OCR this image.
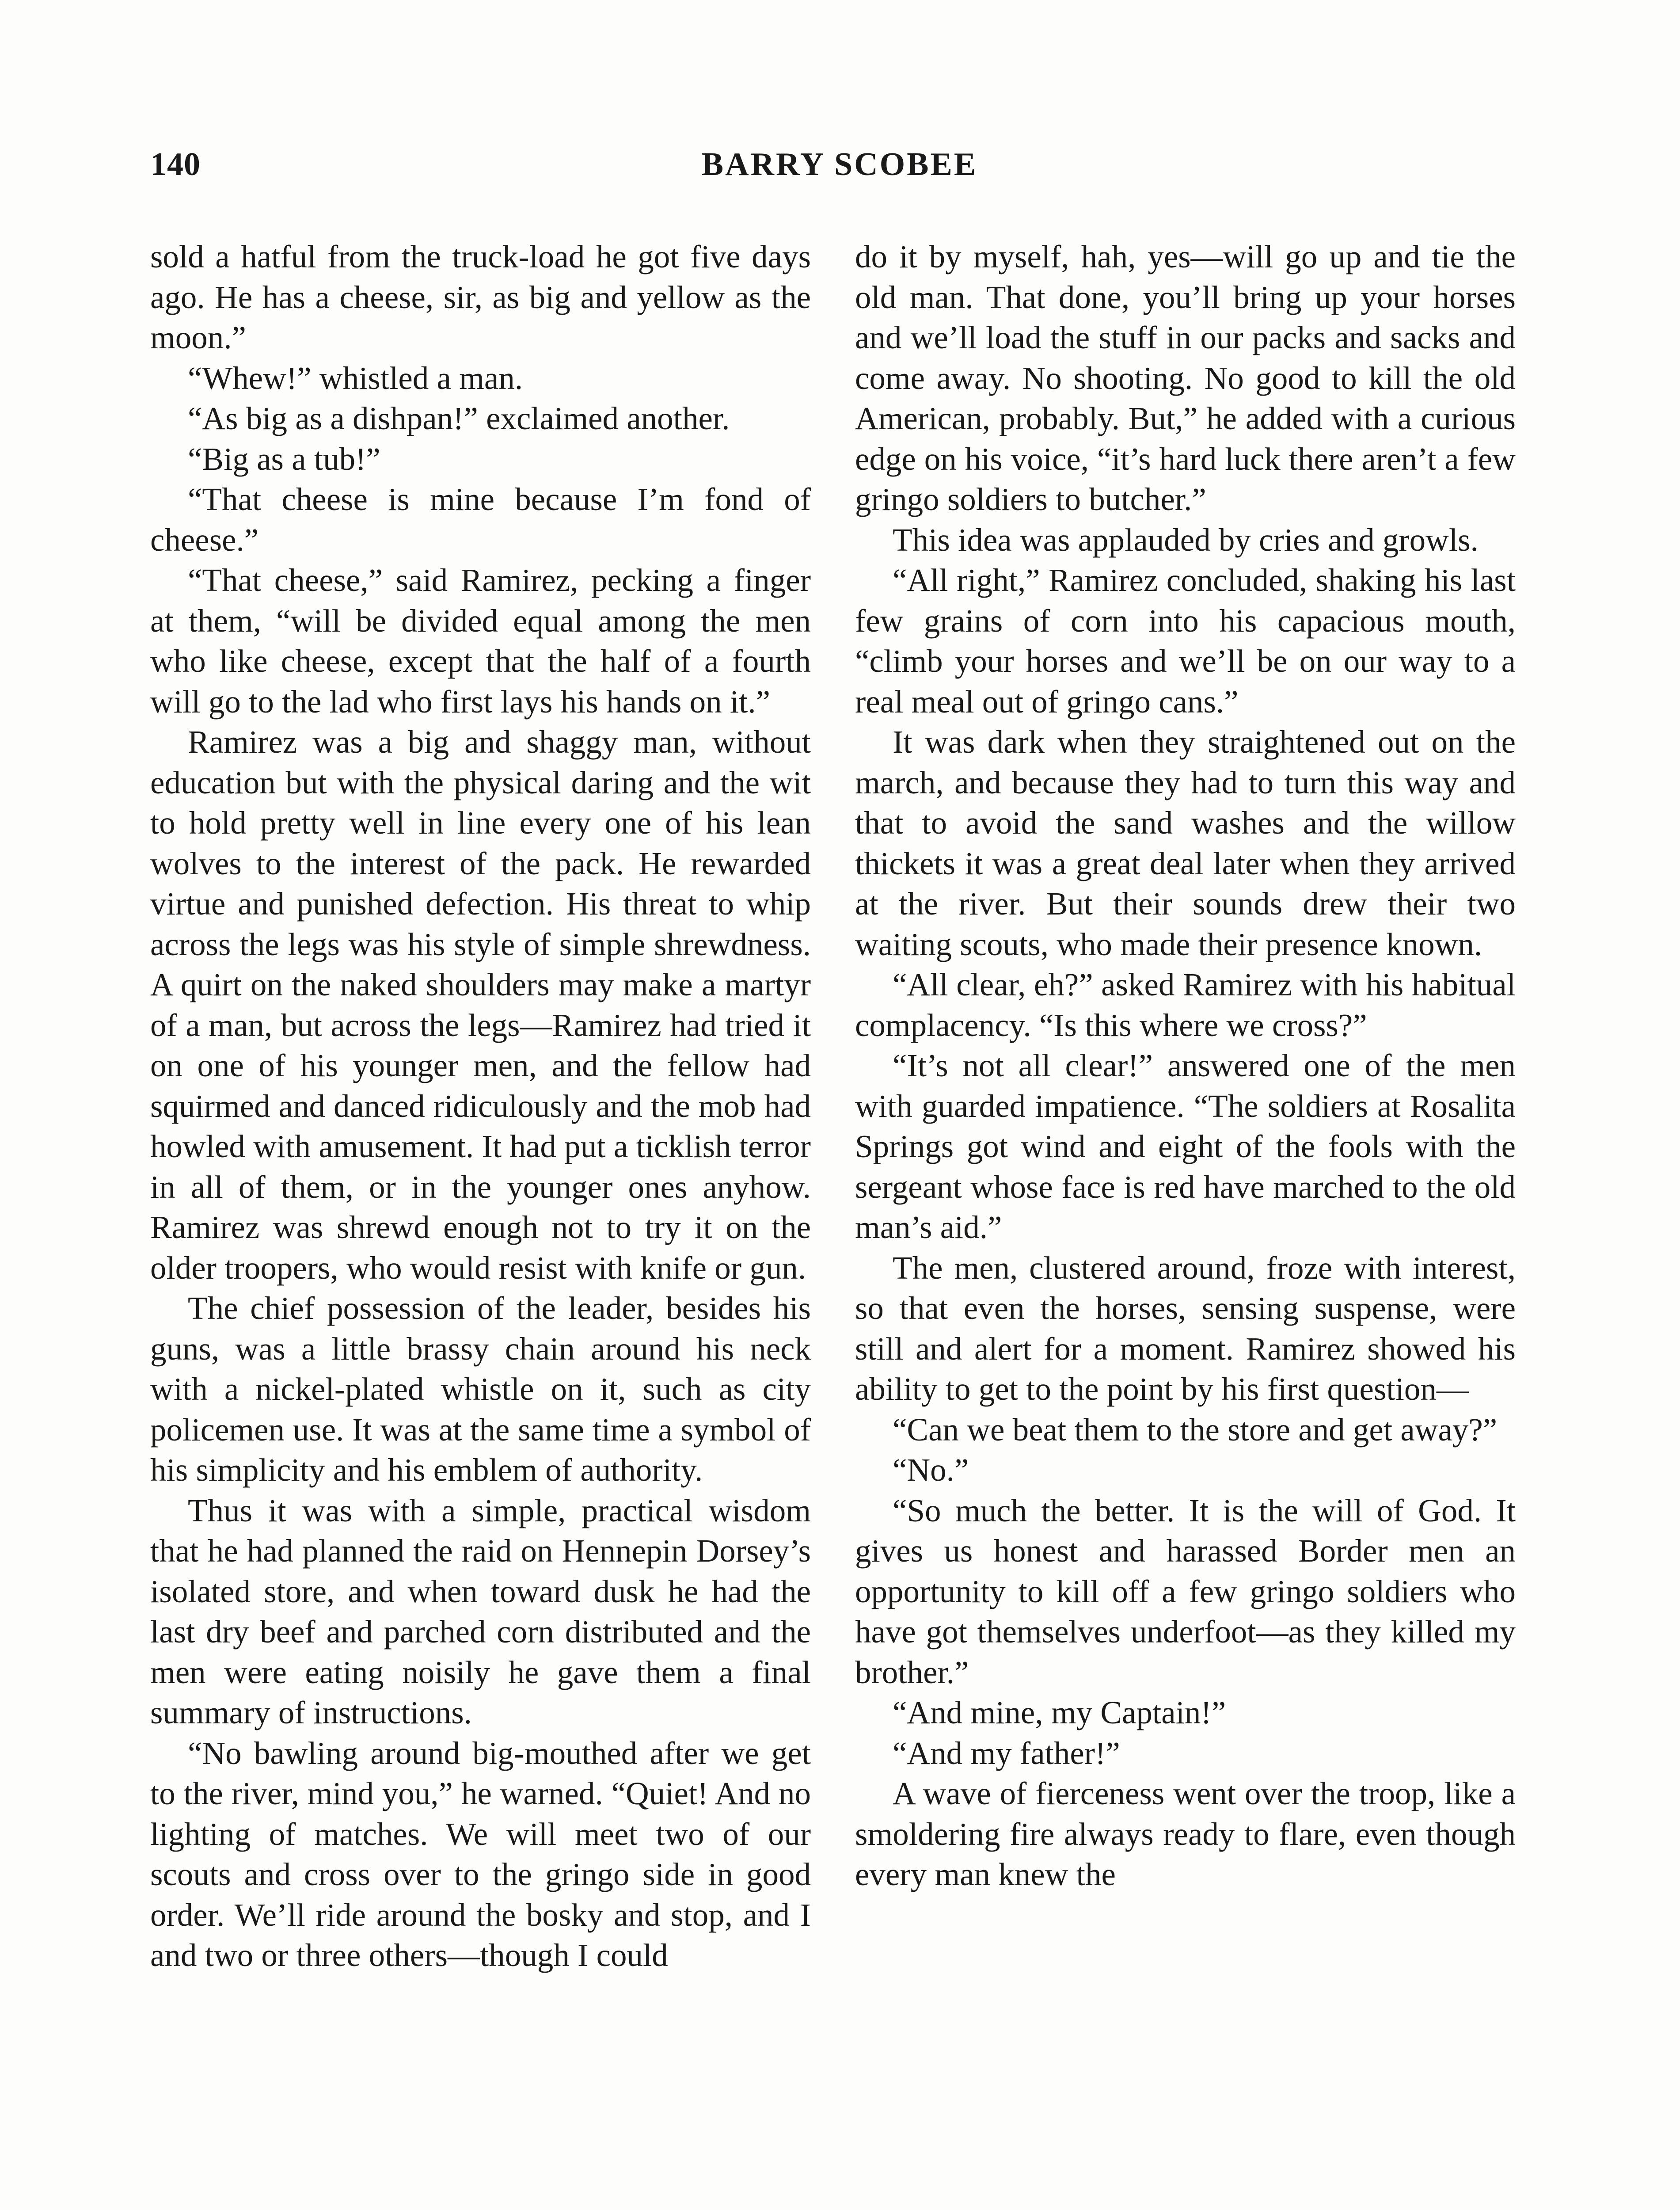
140	BARRY SCOBEE

sold a hatful from the truck-load he got five days ago. He has a cheese, sir, as big and yellow as the moon.”

“Whew!” whistled a man.

“As big as a dishpan!” exclaimed another.

“Big as a tub!”

“That cheese is mine because I’m fond of cheese.”

“That cheese,” said Ramirez, pecking a finger at them, “will be divided equal among the men who like cheese, except that the half of a fourth will go to the lad who first lays his hands on it.”

Ramirez was a big and shaggy man, without education but with the physical daring and the wit to hold pretty well in line every one of his lean wolves to the interest of the pack. He rewarded virtue and punished defection. His threat to whip across the legs was his style of simple shrewdness. A quirt on the naked shoulders may make a martyr of a man, but across the legs—Ramirez had tried it on one of his younger men, and the fellow had squirmed and danced ridiculously and the mob had howled with amusement. It had put a ticklish terror in all of them, or in the younger ones anyhow. Ramirez was shrewd enough not to try it on the older troopers, who would resist with knife or gun.

The chief possession of the leader, besides his guns, was a little brassy chain around his neck with a nickel-plated whistle on it, such as city policemen use. It was at the same time a symbol of his simplicity and his emblem of authority.

Thus it was with a simple, practical wisdom that he had planned the raid on Hennepin Dorsey’s isolated store, and when toward dusk he had the last dry beef and parched corn distributed and the men were eating noisily he gave them a final summary of instructions.

“No bawling around big-mouthed after we get to the river, mind you,” he warned. “Quiet! And no lighting of matches. We will meet two of our scouts and cross over to the gringo side in good order. We’ll ride around the bosky and stop, and I and two or three others—though I could

do it by myself, hah, yes—will go up and tie the old man. That done, you’ll bring up your horses and we’ll load the stuff in our packs and sacks and come away. No shooting. No good to kill the old American, probably. But,” he added with a curious edge on his voice, “it’s hard luck there aren’t a few gringo soldiers to butcher.”

This idea was applauded by cries and growls.

“All right,” Ramirez concluded, shaking his last few grains of corn into his capacious mouth, “climb your horses and we’ll be on our way to a real meal out of gringo cans.”

It was dark when they straightened out on the march, and because they had to turn this way and that to avoid the sand washes and the willow thickets it was a great deal later when they arrived at the river. But their sounds drew their two waiting scouts, who made their presence known.

“All clear, eh?” asked Ramirez with his habitual complacency. “Is this where we cross?”

“It’s not all clear!” answered one of the men with guarded impatience. “The soldiers at Rosalita Springs got wind and eight of the fools with the sergeant whose face is red have marched to the old man’s aid.”

The men, clustered around, froze with interest, so that even the horses, sensing suspense, were still and alert for a moment. Ramirez showed his ability to get to the point by his first question—

“Can we beat them to the store and get away?”

“No.”

“So much the better. It is the will of God. It gives us honest and harassed Border men an opportunity to kill off a few gringo soldiers who have got themselves underfoot—as they killed my brother.”

“And mine, my Captain!”

“And my father!”

A wave of fierceness went over the troop, like a smoldering fire always ready to flare, even though every man knew the
